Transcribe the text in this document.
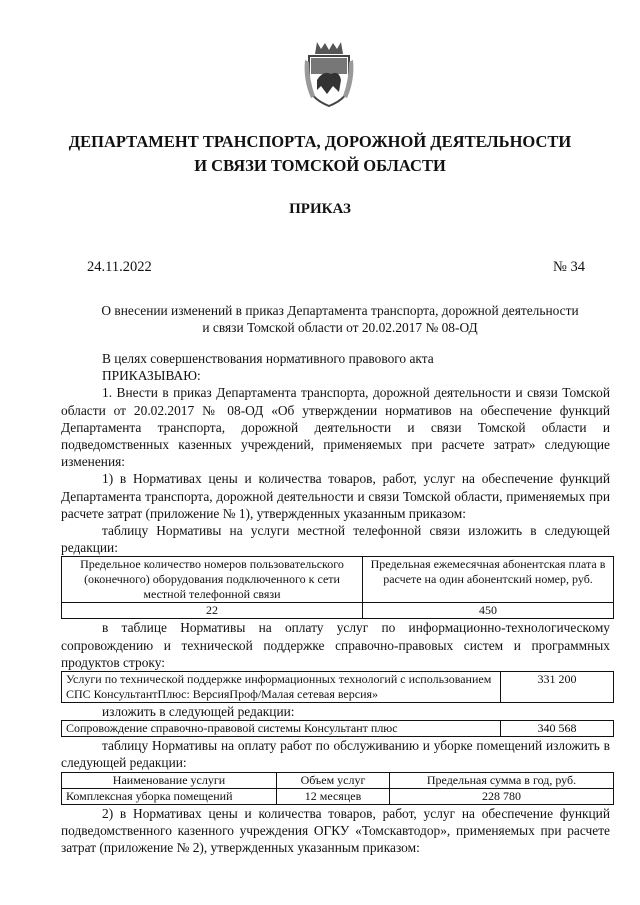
ДЕПАРТАМЕНТ ТРАНСПОРТА, ДОРОЖНОЙ ДЕЯТЕЛЬНОСТИ
И СВЯЗИ ТОМСКОЙ ОБЛАСТИ
ПРИКАЗ
24.11.2022	№ 34
О внесении изменений в приказ Департамента транспорта, дорожной деятельности
и связи Томской области от 20.02.2017 № 08-ОД

В целях совершенствования нормативного правового акта

ПРИКАЗЫВАЮ:

1. Внести в приказ Департамента транспорта, дорожной деятельности и связи Томской области от 20.02.2017 № 08-ОД «Об утверждении нормативов на обеспечение функций Департамента транспорта, дорожной деятельности и связи Томской области и подведомственных казенных учреждений, применяемых при расчете затрат» следующие изменения:

1) в Нормативах цены и количества товаров, работ, услуг на обеспечение функций Департамента транспорта, дорожной деятельности и связи Томской области, применяемых при расчете затрат (приложение № 1), утвержденных указанным приказом:

таблицу Нормативы на услуги местной телефонной связи изложить в следующей редакции:

Предельное количество номеров пользовательского (оконечного) оборудования подключенного к сети местной телефонной связи	Предельная ежемесячная абонентская плата в расчете на один абонентский номер, руб.
22	450

в таблице Нормативы на оплату услуг по информационно-технологическому сопровождению и технической поддержке справочно-правовых систем и программных продуктов строку:

Услуги по технической поддержке информационных технологий с использованием СПС КонсультантПлюс: ВерсияПроф/Малая сетевая версия»	331 200

изложить в следующей редакции:

Сопровождение справочно-правовой системы Консультант плюс	340 568

таблицу Нормативы на оплату работ по обслуживанию и уборке помещений изложить в следующей редакции:

Наименование услуги	Объем услуг	Предельная сумма в год, руб.
Комплексная уборка помещений	12 месяцев	228 780

2) в Нормативах цены и количества товаров, работ, услуг на обеспечение функций подведомственного казенного учреждения ОГКУ «Томскавтодор», применяемых при расчете затрат (приложение № 2), утвержденных указанным приказом:
